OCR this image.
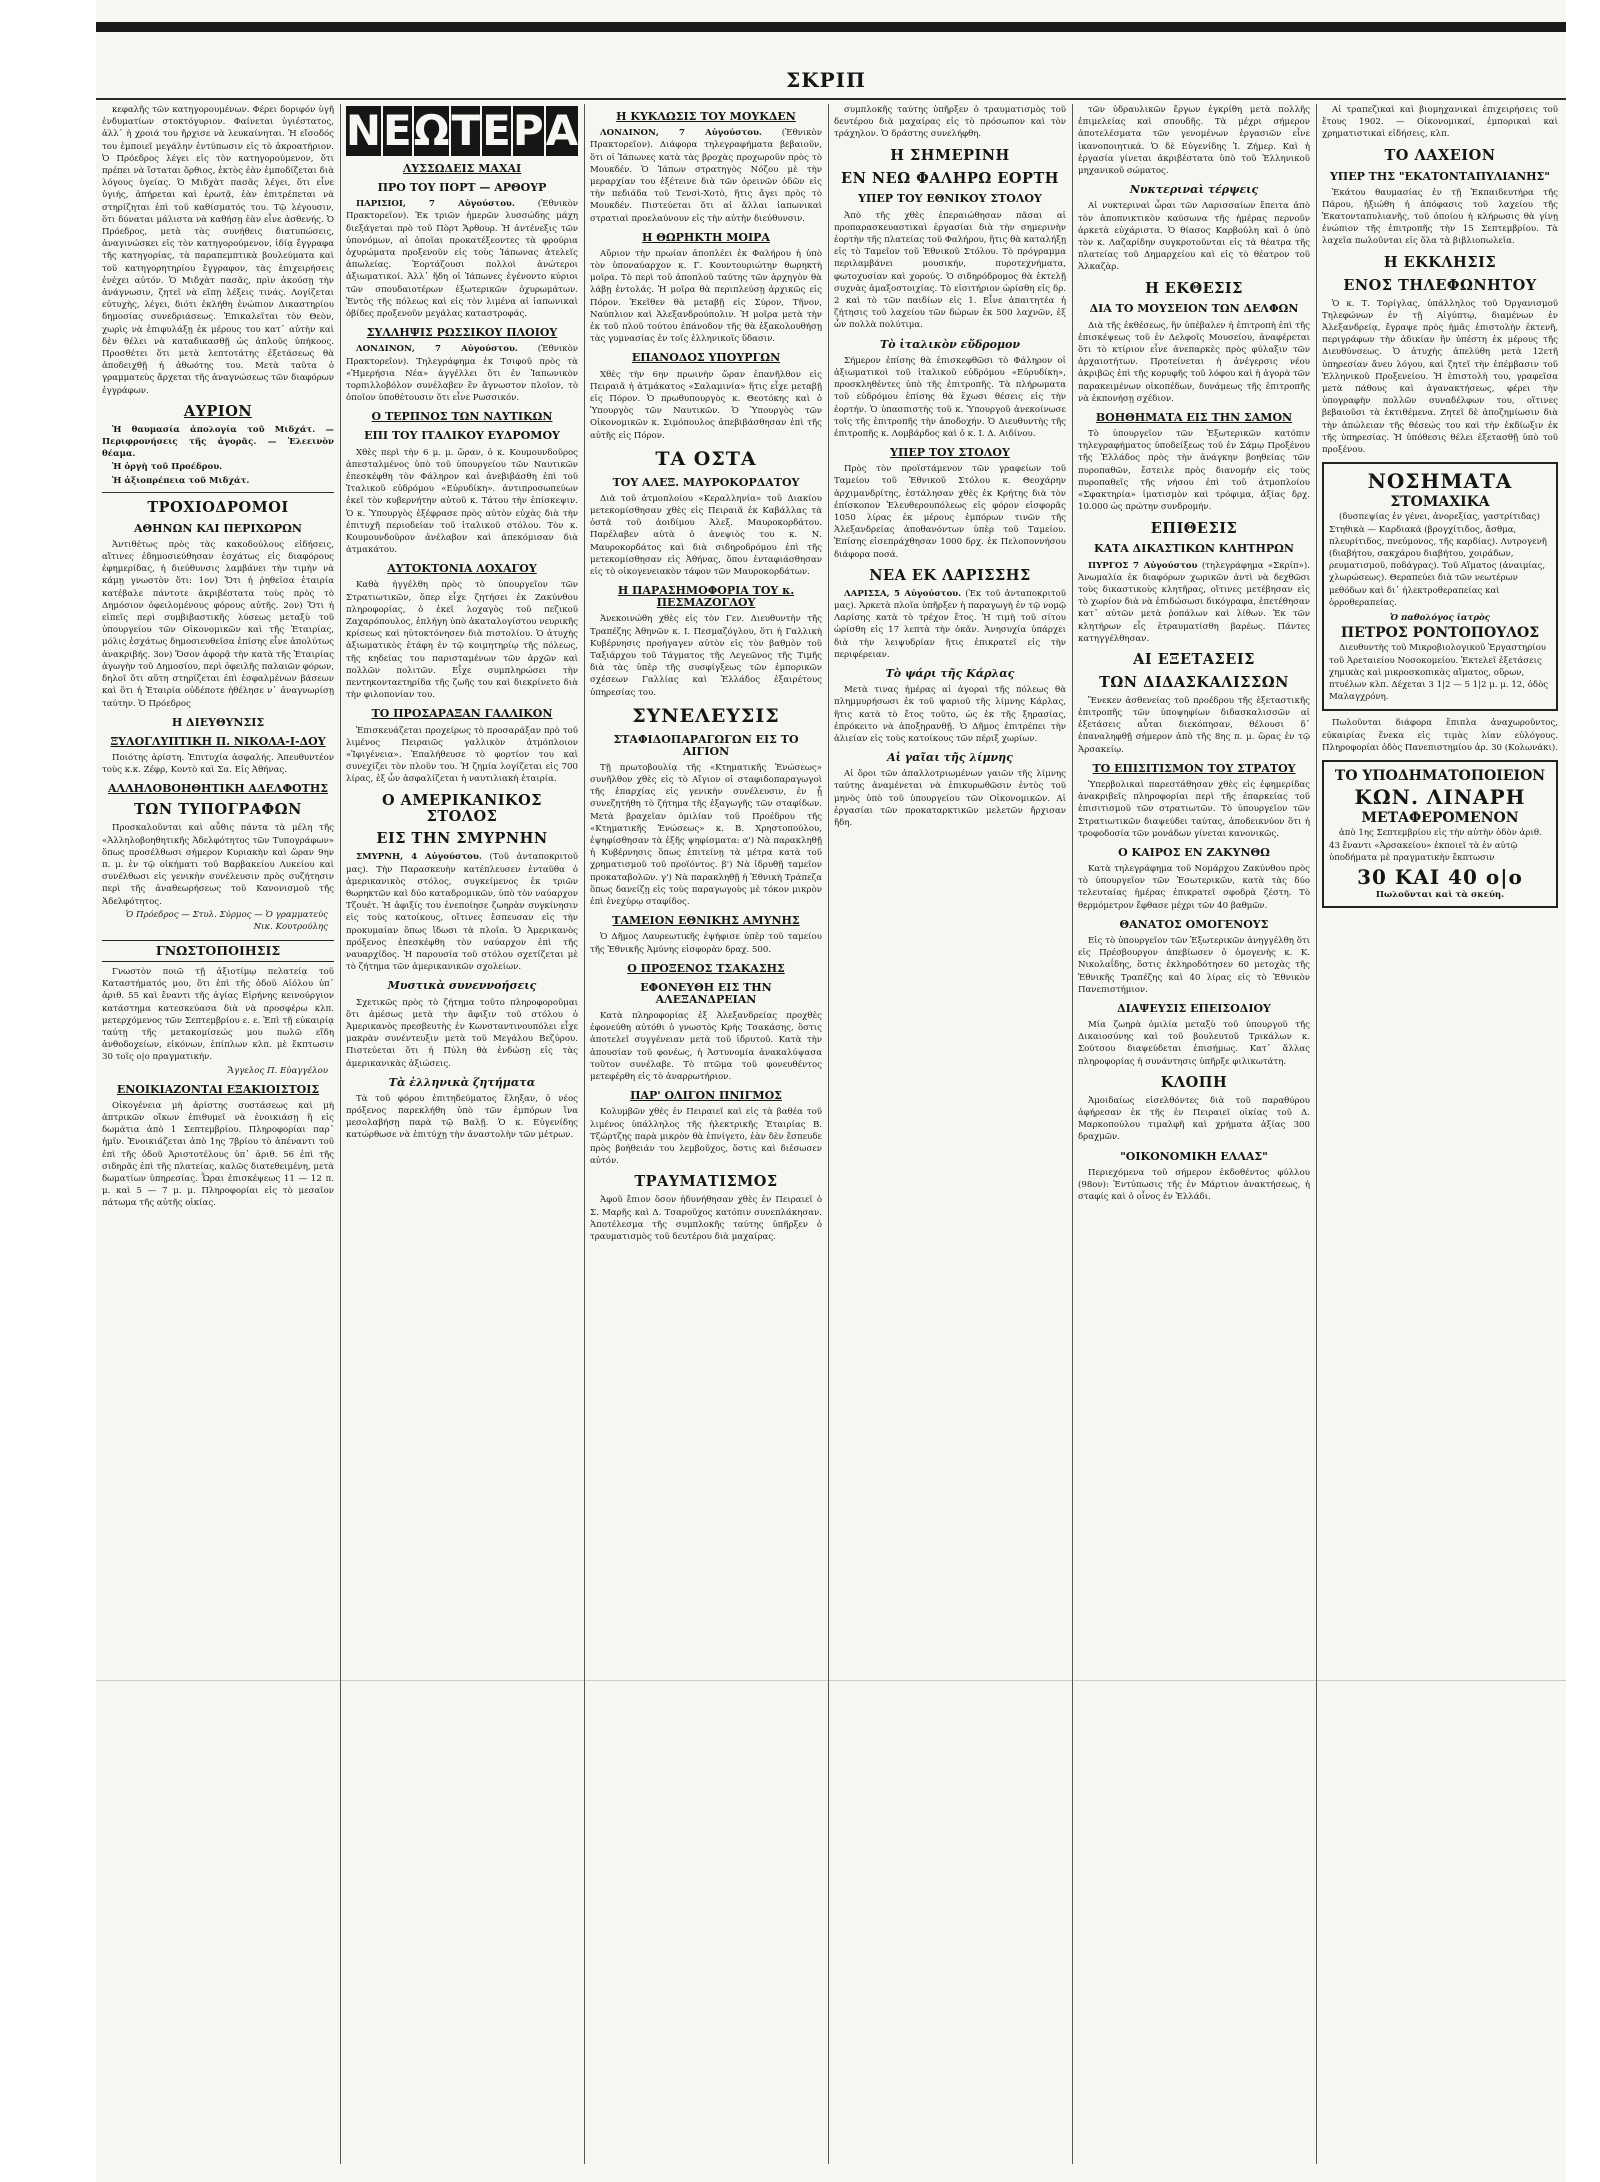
ΣΚΡΙΠ

κεφαλῆς τῶν κατηγορουμένων. Φέρει δοριφόν ὑγῆ ἐνδυματίων στοκτόγυριον. Φαίνεται ὑγιέστατος, ἀλλ᾽ ἡ χροιά του ἤρχισε νὰ λευκαίνηται. Ἡ εἴσοδός του ἐμποιεῖ μεγάλην ἐντύπωσιν εἰς τὸ ἀκροατήριον. Ὁ Πρόεδρος λέγει εἰς τὸν κατηγορούμενον, ὅτι πρέπει νὰ ἵσταται ὄρθιος, ἐκτὸς ἐὰν ἐμποδίζεται διὰ λόγους ὑγείας. Ὁ Μιδχὰτ πασᾶς λέγει, ὅτι εἶνε ὑγιής, ἀπήρεται καὶ ἐρωτᾷ, ἐὰν ἐπιτρέπεται νὰ στηρίζηται ἐπὶ τοῦ καθίσματός του. Τῷ λέγουσιν, ὅτι δύναται μάλιστα νὰ καθήσῃ ἐὰν εἶνε ἀσθενής. Ὁ Πρόεδρος, μετὰ τὰς συνήθεις διατυπώσεις, ἀναγινώσκει εἰς τὸν κατηγορούμενον, ἰδίᾳ ἔγγραφα τῆς κατηγορίας, τὰ παραπεμπτικὰ βουλεύματα καὶ τοῦ κατηγορητηρίου ἔγγραφον, τὰς ἐπιχειρήσεις ἐνέχει αὐτόν. Ὁ Μιδχὰτ πασᾶς, πρὶν ἀκούσῃ τὴν ἀνάγνωσιν, ζητεῖ νὰ εἴπῃ λέξεις τινάς. Λογίζεται εὐτυχὴς, λέγει, διότι ἐκλήθη ἐνώπιον Δικαστηρίου δημοσίας συνεδριάσεως. Ἐπικαλεῖται τὸν Θεὸν, χωρὶς νὰ ἐπιφυλάξῃ ἐκ μέρους του κατ᾽ αὐτὴν καὶ δὲν θέλει νὰ καταδικασθῇ ὡς ἀπλοῦς ὑπήκοος. Προσθέτει ὅτι μετὰ λεπτοτάτης ἐξετάσεως θὰ ἀποδειχθῇ ἡ ἀθωότης του. Μετὰ ταῦτα ὁ γραμματεὺς ἄρχεται τῆς ἀναγνώσεως τῶν διαφόρων ἐγγράφων.

ΑΥΡΙΟΝ

Ἡ θαυμασία ἀπολογία τοῦ Μιδχάτ. — Περιφρονήσεις τῆς ἀγορᾶς. — Ἐλεεινὸν θέαμα.

Ἡ ὀργὴ τοῦ Προέδρου.

Ἡ ἀξιοπρέπεια τοῦ Μιδχάτ.

ΤΡΟΧΙΟΔΡΟΜΟΙ
ΑΘΗΝΩΝ ΚΑΙ ΠΕΡΙΧΩΡΩΝ

Ἀντιθέτως πρὸς τὰς κακοδούλους εἰδήσεις, αἵτινες ἐδημοσιεύθησαν ἐσχάτως εἰς διαφόρους ἐφημερίδας, ἡ διεύθυνσις λαμβάνει τὴν τιμὴν νὰ κάμῃ γνωστὸν ὅτι: 1ον) Ὅτι ἡ ῥηθεῖσα ἑταιρία κατέβαλε πάντοτε ἀκριβέστατα τοὺς πρὸς τὸ Δημόσιον ὀφειλομένους φόρους αὐτῆς. 2ον) Ὅτι ἡ εἰπεῖς περὶ συμβιβαστικῆς λύσεως μεταξὺ τοῦ ὑπουργείου τῶν Οἰκονομικῶν καὶ τῆς Ἑταιρίας, μόλις ἐσχάτως δημοσιευθεῖσα ἐπίσης εἶνε ἀπολύτως ἀνακριβής. 3ον) Ὅσον ἀφορᾷ τὴν κατὰ τῆς Ἑταιρίας ἀγωγὴν τοῦ Δημοσίου, περὶ ὀφειλῆς παλαιῶν φόρων, δηλοῖ ὅτι αὕτη στηρίζεται ἐπὶ ἐσφαλμένων βάσεων καὶ ὅτι ἡ Ἑταιρία οὐδέποτε ἠθέλησε ν᾽ ἀναγνωρίσῃ ταύτην. Ὁ Πρόεδρος

Η ΔΙΕΥΘΥΝΣΙΣ
ΞΥΛΟΓΛΥΠΤΙΚΗ Π. ΝΙΚΟΛΑ-Ι-ΔΟΥ

Ποιότης ἀρίστη. Ἐπιτυχία ἀσφαλής. Ἀπευθυντέον τοὺς κ.κ. Ζέφρ, Κοντὸ καὶ Σα. Εἰς Ἀθήνας.

ΑΛΛΗΛΟΒΟΗΘΗΤΙΚΗ ΑΔΕΛΦΟΤΗΣ
ΤΩΝ ΤΥΠΟΓΡΑΦΩΝ

Προσκαλοῦνται καὶ αὖθις πάντα τὰ μέλη τῆς «Ἀλληλοβοηθητικῆς Ἀδελφότητος τῶν Τυπογράφων» ὅπως προσέλθωσι σήμερον Κυριακὴν καὶ ὥραν 9ην π. μ. ἐν τῷ οἰκήματι τοῦ Βαρβακείου Λυκείου καὶ συνέλθωσι εἰς γενικὴν συνέλευσιν πρὸς συζήτησιν περὶ τῆς ἀναθεωρήσεως τοῦ Κανονισμοῦ τῆς Ἀδελφότητος.

Ὁ Πρόεδρος — Στυλ. Σύρμος — Ὁ γραμματεὺς Νικ. Κουτρούλης

ΓΝΩΣΤΟΠΟΙΗΣΙΣ

Γνωστὸν ποιῶ τῇ ἀξιοτίμῳ πελατείᾳ τοῦ Καταστήματός μου, ὅτι ἐπὶ τῆς ὁδοῦ Αἰόλου ὑπ᾽ ἀριθ. 55 καὶ ἔναντι τῆς ἁγίας Εἰρήνης κεινούργιον κατάστημα κατεσκεύασα διὰ νὰ προσφέρω κλπ. μετερχόμενος τῶν Σεπτεμβρίου ε. ε. Ἐπὶ τῇ εὐκαιρίᾳ ταύτῃ τῆς μετακομίσεώς μου πωλῶ εἴδη ἀνθοδοχείων, εἰκόνων, ἐπίπλων κλπ. μὲ ἔκπτωσιν 30 τοῖς ο|ο πραγματικήν.

Ἄγγελος Π. Εὐαγγέλου

ΕΝΟΙΚΙΑΖΟΝΤΑΙ ΕΞΑΚΙΟΙΣΤΟΙΣ

Οἰκογένεια μὴ ἀρίστης συστάσεως καὶ μὴ ἀπτρικῶν οἴκων ἐπιθυμεῖ νὰ ἐνοικιάσῃ ἢ εἰς δωμάτια ἀπὸ 1 Σεπτεμβρίου. Πληροφορίαι παρ᾽ ἡμῖν. Ἐνοικιάζεται ἀπὸ 1ης 7βρίου τὸ ἀπέναντι τοῦ ἐπὶ τῆς ὁδοῦ Ἀριστοτέλους ὑπ᾽ ἀριθ. 56 ἐπὶ τῆς σιδηρᾶς ἐπὶ τῆς πλατείας, καλῶς διατεθειμένη, μετὰ δωματίων ὑπηρεσίας. Ὧραι ἐπισκέψεως 11 — 12 π. μ. καὶ 5 — 7 μ. μ. Πληροφορίαι εἰς τὸ μεσαῖον πάτωμα τῆς αὐτῆς οἰκίας.

Ν Ε Ω Τ Ε Ρ Α
ΛΥΣΣΩΔΕΙΣ ΜΑΧΑΙ
ΠΡΟ ΤΟΥ ΠΟΡΤ — ΑΡΘΟΥΡ

ΠΑΡΙΣΙΟΙ, 7 Αὐγούστου.	(Ἐθνικὸν Πρακτορεῖον). Ἐκ τριῶν ἡμερῶν λυσσώδης μάχη διεξάγεται πρὸ τοῦ Πὸρτ Ἄρθουρ. Ἡ ἀντένεξις τῶν ὑπονόμων, αἱ ὁποῖαι προκατέξεοντες τὰ φρούρια ὁχυρώματα προξενοῦν εἰς τοὺς Ἰάπωνας ἀτελεῖς ἀπωλείας. Ἑορτάζουσι πολλοὶ ἀνώτεροι ἀξιωματικοί. Ἀλλ᾽ ἤδη οἱ Ἰάπωνες ἐγένοντο κύριοι τῶν σπουδαιοτέρων ἐξωτερικῶν ὀχυρωμάτων. Ἐντὸς τῆς πόλεως καὶ εἰς τὸν λιμένα αἱ ἰαπωνικαὶ ὀβίδες προξενοῦν μεγάλας καταστροφάς.

ΣΥΛΛΗΨΙΣ ΡΩΣΣΙΚΟΥ ΠΛΟΙΟΥ

ΛΟΝΔΙΝΟΝ, 7 Αὐγούστου. (Ἐθνικὸν Πρακτορεῖον). Τηλεγράφημα ἐκ Τσιφοῦ πρὸς τὰ «Ἡμερήσια Νέα» ἀγγέλλει ὅτι ἐν Ἰαπωνικὸν τορπιλλοβόλον συνέλαβεν ἓν ἄγνωστον πλοῖον, τὸ ὁποῖον ὑποθέτουσιν ὅτι εἶνε Ρωσσικόν.

Ο ΤΕΡΠΝΟΣ ΤΩΝ ΝΑΥΤΙΚΩΝ
ΕΠΙ ΤΟΥ ΙΤΑΛΙΚΟΥ ΕΥΔΡΟΜΟΥ

Χθὲς περὶ τὴν 6 μ. μ. ὥραν, ὁ κ. Κουμουνδοῦρος ἀπεσταλμένος ὑπὸ τοῦ ὑπουργείου τῶν Ναυτικῶν ἐπεσκέφθη τὸν Φάληρον καὶ ἀνεβιβάσθη ἐπὶ τοῦ Ἰταλικοῦ εὐδρόμου «Εὐρυδίκη». ἀντιπροσωπεύων ἐκεῖ τὸν κυβερνήτην αὐτοῦ κ. Τάτου τὴν ἐπίσκεψιν. Ὁ κ. Ὑπουργὸς ἐξέφρασε πρὸς αὐτὸν εὐχὰς διὰ τὴν ἐπιτυχῆ περιοδείαν τοῦ ἰταλικοῦ στόλου. Τὸν κ. Κουμουνδοῦρον ἀνέλαβον καὶ ἀπεκόμισαν διὰ ἀτμακάτου.

ΑΥΤΟΚΤΟΝΙΑ ΛΟΧΑΓΟΥ

Καθὰ ἠγγέλθη πρὸς τὸ ὑπουργεῖον τῶν Στρατιωτικῶν, ὅπερ εἶχε ζητήσει ἐκ Ζακύνθου πληροφορίας, ὁ ἐκεῖ λοχαγὸς τοῦ πεζικοῦ Ζαχαρόπουλος, ἐπλήγη ὑπὸ ἀκαταλογίστου νευρικῆς κρίσεως καὶ ηὐτοκτόνησεν διὰ πιστολίου. Ὁ ἀτυχὴς ἀξιωματικὸς ἐτάφη ἐν τῷ κοιμητηρίῳ τῆς πόλεως, τῆς κηδείας του παρισταμένων τῶν ἀρχῶν καὶ πολλῶν πολιτῶν. Εἶχε συμπληρώσει τὴν πεντηκονταετηρίδα τῆς ζωῆς του καὶ διεκρίνετο διὰ τὴν φιλοπονίαν του.

ΤΟ ΠΡΟΣΑΡΑΞΑΝ ΓΑΛΛΙΚΟΝ

Ἐπισκευάζεται προχείρως τὸ προσαράξαν πρὸ τοῦ λιμένος Πειραιῶς γαλλικὸν ἀτμόπλοιον «Ἰφιγένεια». Ἐπαλήθευσε τὸ φορτίον του καὶ συνεχίζει τὸν πλοῦν του. Ἡ ζημία λογίζεται εἰς 700 λίρας, ἐξ ὧν ἀσφαλίζεται ἡ ναυτιλιακὴ ἑταιρία.

Ο ΑΜΕΡΙΚΑΝΙΚΟΣ ΣΤΟΛΟΣ
ΕΙΣ ΤΗΝ ΣΜΥΡΝΗΝ

ΣΜΥΡΝΗ, 4 Αὐγούστου. (Τοῦ ἀνταποκριτοῦ μας). Τὴν Παρασκευὴν κατέπλευσεν ἐνταῦθα ὁ ἀμερικανικὸς στόλος, συγκείμενος ἐκ τριῶν θωρηκτῶν καὶ δύο καταδρομικῶν, ὑπὸ τὸν ναύαρχον Τζουέτ. Ἡ ἀφιξίς του ἐνεποίησε ζωηρὰν συγκίνησιν εἰς τοὺς κατοίκους, οἵτινες ἔσπευσαν εἰς τὴν προκυμαίαν ὅπως ἴδωσι τὰ πλοῖα. Ὁ Ἀμερικανὸς πρόξενος ἐπεσκέφθη τὸν ναύαρχον ἐπὶ τῆς ναυαρχίδος. Ἡ παρουσία τοῦ στόλου σχετίζεται μὲ τὸ ζήτημα τῶν ἀμερικανικῶν σχολείων.

Μυστικὰ συνεννοήσεις

Σχετικῶς πρὸς τὸ ζήτημα τοῦτο πληροφοροῦμαι ὅτι ἀμέσως μετὰ τὴν ἄφιξιν τοῦ στόλου ὁ Ἀμερικανὸς πρεσβευτὴς ἐν Κωνσταντινουπόλει εἶχε μακρὰν συνέντευξιν μετὰ τοῦ Μεγάλου Βεζύρου. Πιστεύεται ὅτι ἡ Πύλη θὰ ἐνδώσῃ εἰς τὰς ἀμερικανικὰς ἀξιώσεις.

Τὰ ἑλληνικὰ ζητήματα

Τὰ τοῦ φόρου ἐπιτηδεύματος ἔληξαν, ὁ νέος πρόξενος παρεκλήθη ὑπὸ τῶν ἐμπόρων ἵνα μεσολαβήσῃ παρὰ τῷ Βαλῇ. Ὁ κ. Εὐγενίδης κατώρθωσε νὰ ἐπιτύχῃ τὴν ἀναστολὴν τῶν μέτρων.

Η ΚΥΚΛΩΣΙΣ ΤΟΥ ΜΟΥΚΔΕΝ

ΛΟΝΔΙΝΟΝ, 7 Αὐγούστου. (Ἐθνικὸν Πρακτορεῖον). Διάφορα τηλεγραφήματα βεβαιοῦν, ὅτι οἱ Ἰάπωνες κατὰ τὰς βροχὰς προχωροῦν πρὸς τὸ Μουκδέν. Ὁ Ἰάπων στρατηγὸς Νόζου μὲ τὴν μεραρχίαν του ἐξέτεινε διὰ τῶν ὀρεινῶν ὁδῶν εἰς τὴν πεδιάδα τοῦ Τενσὶ-Χοτὸ, ἥτις ἄγει πρὸς τὸ Μουκδέν. Πιστεύεται ὅτι αἱ ἄλλαι ἰαπωνικαὶ στρατιαὶ προελαύνουν εἰς τὴν αὐτὴν διεύθυνσιν.

Η ΘΩΡΗΚΤΗ ΜΟΙΡΑ

Αὔριον τὴν πρωίαν ἀποπλέει ἐκ Φαλήρου ἡ ὑπὸ τὸν ὑποναύαρχον κ. Γ. Κουντουριώτην θωρηκτὴ μοῖρα. Τὸ περὶ τοῦ ἀποπλοῦ ταύτης τῶν ἀρχηγὸν θὰ λάβῃ ἐντολάς. Ἡ μοῖρα θὰ περιπλεύσῃ ἀρχικῶς εἰς Πόρον. Ἐκεῖθεν θὰ μεταβῇ εἰς Σύρον, Τῆνον, Ναύπλιον καὶ Ἀλεξανδρούπολιν. Ἡ μοῖρα μετὰ τὴν ἐκ τοῦ πλοῦ τούτου ἐπάνοδον τῆς θὰ ἐξακολουθήσῃ τὰς γυμνασίας ἐν τοῖς ἑλληνικοῖς ὕδασιν.

ΕΠΑΝΟΔΟΣ ΥΠΟΥΡΓΩΝ

Χθὲς τὴν 6ην πρωινὴν ὥραν ἐπανῆλθον εἰς Πειραιᾶ ἡ ἀτμάκατος «Σαλαμινία» ἥτις εἶχε μεταβῇ εἰς Πόρον. Ὁ πρωθυπουργὸς κ. Θεοτόκης καὶ ὁ Ὑπουργὸς τῶν Ναυτικῶν. Ὁ Ὑπουργὸς τῶν Οἰκονομικῶν κ. Σιμόπουλος ἀπεβιβάσθησαν ἐπὶ τῆς αὐτῆς εἰς Πόρον.

ΤΑ ΟΣΤΑ
ΤΟΥ ΑΛΕΞ. ΜΑΥΡΟΚΟΡΔΑΤΟΥ

Διὰ τοῦ ἀτμοπλοίου «Κεραλληνία» τοῦ Διακίου μετεκομίσθησαν χθὲς εἰς Πειραιᾶ ἐκ Καβάλλας τὰ ὀστᾶ τοῦ ἀοιδίμου Ἀλεξ. Μαυροκορδάτου. Παρέλαβεν αὐτὰ ὁ ἀνεψιὸς του κ. Ν. Μαυροκορδάτος καὶ διὰ σιδηροδρόμου ἐπὶ τῆς μετεκομίσθησαν εἰς Ἀθήνας, ὅπου ἐνταφιάσθησαν εἰς τὸ οἰκογενειακὸν τάφον τῶν Μαυροκορδάτων.

Η ΠΑΡΑΣΗΜΟΦΟΡΙΑ ΤΟΥ κ. ΠΕΣΜΑΖΟΓΛΟΥ

Ἀνεκοινώθη χθὲς εἰς τὸν Γεν. Διευθυντὴν τῆς Τραπέζης Ἀθηνῶν κ. Ι. Πεσμαζόγλου, ὅτι ἡ Γαλλικὴ Κυβέρνησις προήγαγεν αὐτὸν εἰς τὸν βαθμὸν τοῦ Ταξιάρχου τοῦ Τάγματος τῆς Λεγεῶνος τῆς Τιμῆς διὰ τὰς ὑπὲρ τῆς συσφίγξεως τῶν ἐμπορικῶν σχέσεων Γαλλίας καὶ Ἑλλάδος ἐξαιρέτους ὑπηρεσίας του.

ΣΥΝΕΛΕΥΣΙΣ
ΣΤΑΦΙΔΟΠΑΡΑΓΩΓΩΝ ΕΙΣ ΤΟ ΑΙΓΙΟΝ

Τῇ πρωτοβουλίᾳ τῆς «Κτηματικῆς Ἑνώσεως» συνῆλθον χθὲς εἰς τὸ Αἴγιον οἱ σταφιδοπαραγωγοὶ τῆς ἐπαρχίας εἰς γενικὴν συνέλευσιν, ἐν ᾗ συνεζητήθη τὸ ζήτημα τῆς ἐξαγωγῆς τῶν σταφίδων. Μετὰ βραχεῖαν ὁμιλίαν τοῦ Προέδρου τῆς «Κτηματικῆς Ἑνώσεως» κ. Β. Χρηστοπούλου, ἐψηφίσθησαν τὰ ἑξῆς ψηφίσματα: α') Νὰ παρακληθῇ ἡ Κυβέρνησις ὅπως ἐπιτείνῃ τὰ μέτρα κατὰ τοῦ χρηματισμοῦ τοῦ προϊόντος. β') Νὰ ἱδρυθῇ ταμεῖον προκαταβολῶν. γ') Νὰ παρακληθῇ ἡ Ἐθνικὴ Τράπεζα ὅπως δανείζῃ εἰς τοὺς παραγωγοὺς μὲ τόκον μικρὸν ἐπὶ ἐνεχύρῳ σταφίδος.

ΤΑΜΕΙΟΝ ΕΘΝΙΚΗΣ ΑΜΥΝΗΣ

Ὁ Δῆμος Λαυρεωτικῆς ἐψήφισε ὑπὲρ τοῦ ταμείου τῆς Ἐθνικῆς Ἀμύνης εἰσφορὰν δραχ. 500.

Ο ΠΡΟΞΕΝΟΣ ΤΣΑΚΑΣΗΣ
ΕΦΟΝΕΥΘΗ ΕΙΣ ΤΗΝ ΑΛΕΞΑΝΔΡΕΙΑΝ

Κατὰ πληροφορίας ἐξ Ἀλεξανδρείας προχθὲς ἐφονεύθη αὐτόθι ὁ γνωστὸς Κρὴς Τσακάσης, ὃστις ἀποτελεῖ συγγένειαν μετὰ τοῦ ἰδρυτοῦ. Κατὰ τὴν ἀπουσίαν τοῦ φονέως, ἡ Ἀστυνομία ἀνακαλύψασα τοῦτον συνέλαβε. Τὸ πτῶμα τοῦ φονευθέντος μετεφέρθη εἰς τὸ ἀναρρωτήριον.

ΠΑΡ' ΟΛΙΓΟΝ ΠΝΙΓΜΟΣ

Κολυμβῶν χθὲς ἐν Πειραιεῖ καὶ εἰς τὰ βαθέα τοῦ λιμένος ὑπάλληλος τῆς ἠλεκτρικῆς Ἑταιρίας Β. Τζώρτζης παρὰ μικρὸν θὰ ἐπνίγετο, ἐὰν δὲν ἔσπευδε πρὸς βοήθειάν του λεμβοῦχος, ὅστις καὶ διέσωσεν αὐτόν.

ΤΡΑΥΜΑΤΙΣΜΟΣ

Ἀφοῦ ἔπιον ὅσον ἠδυνήθησαν χθὲς ἐν Πειραιεῖ ὁ Σ. Μαρῆς καὶ Δ. Τσαροῦχος κατόπιν συνεπλάκησαν. Ἀποτέλεσμα τῆς συμπλοκῆς ταύτης ὑπῆρξεν ὁ τραυματισμὸς τοῦ δευτέρου διὰ μαχαίρας.

συμπλοκῆς ταύτης ὑπῆρξεν ὁ τραυματισμὸς τοῦ δευτέρου διὰ μαχαίρας εἰς τὸ πρόσωπον καὶ τὸν τράχηλον. Ὁ δράστης συνελήφθη.

Η ΣΗΜΕΡΙΝΗ
ΕΝ ΝΕΩ ΦΑΛΗΡΩ ΕΟΡΤΗ
ΥΠΕΡ ΤΟΥ ΕΘΝΙΚΟΥ ΣΤΟΛΟΥ

Ἀπὸ τῆς χθὲς ἐπεραιώθησαν πᾶσαι αἱ προπαρασκευαστικαὶ ἐργασίαι διὰ τὴν σημερινὴν ἑορτὴν τῆς πλατείας τοῦ Φαλήρου, ἥτις θὰ καταλήξῃ εἰς τὸ Ταμεῖον τοῦ Ἐθνικοῦ Στόλου. Τὸ πρόγραμμα περιλαμβάνει μουσικήν, πυροτεχνήματα, φωτοχυσίαν καὶ χορούς. Ὁ σιδηρόδρομος θὰ ἐκτελῇ συχνὰς ἀμαξοστοιχίας. Τὸ εἰσιτήριον ὡρίσθη εἰς δρ. 2 καὶ τὸ τῶν παιδίων εἰς 1. Εἶνε ἀπαιτητέα ἡ ζήτησις τοῦ λαχείου τῶν δώρων ἐκ 500 λαχνῶν, ἐξ ὧν πολλὰ πολύτιμα.

Τὸ ἰταλικὸν εὔδρομον

Σήμερον ἐπίσης θὰ ἐπισκεφθῶσι τὸ Φάληρον οἱ ἀξιωματικοὶ τοῦ ἰταλικοῦ εὐδρόμου «Εὐρυδίκη», προσκληθέντες ὑπὸ τῆς ἐπιτροπῆς. Τὰ πλήρωματα τοῦ εὐδρόμου ἐπίσης θὰ ἔχωσι θέσεις εἰς τὴν ἑορτήν. Ὁ ὑπασπιστὴς τοῦ κ. Ὑπουργοῦ ἀνεκοίνωσε τοῖς τῆς ἐπιτροπῆς τὴν ἀποδοχήν. Ὁ Διευθυντὴς τῆς ἐπιτροπῆς κ. Λομβάρδος καὶ ὁ κ. Ι. Δ. Αιδίνου.

ΥΠΕΡ ΤΟΥ ΣΤΟΛΟΥ

Πρὸς τὸν προϊστάμενον τῶν γραφείων τοῦ Ταμείου τοῦ Ἐθνικοῦ Στόλου κ. Θεοχάρην ἀρχιμανδρίτης, ἐστάλησαν χθὲς ἐκ Κρήτης διὰ τὸν ἐπίσκοπον Ἐλευθερουπόλεως εἰς φόρον εἰσφορᾶς 1050 λίρας ἐκ μέρους ἐμπόρων τινῶν τῆς Ἀλεξανδρείας ἀποθανόντων ὑπὲρ τοῦ Ταμείου. Ἐπίσης εἰσεπράχθησαν 1000 δρχ. ἐκ Πελοποννήσου διάφορα ποσά.

ΝΕΑ ΕΚ ΛΑΡΙΣΣΗΣ

ΛΑΡΙΣΣΑ, 5 Αὐγούστου. (Ἐκ τοῦ ἀνταποκριτοῦ μας). Ἀρκετὰ πλοῖα ὑπῆρξεν ἡ παραγωγὴ ἐν τῷ νομῷ Λαρίσης κατὰ τὸ τρέχον ἔτος. Ἡ τιμὴ τοῦ σίτου ὡρίσθη εἰς 17 λεπτὰ τὴν ὀκᾶν. Ἀνησυχία ὑπάρχει διὰ τὴν λειψυδρίαν ἥτις ἐπικρατεῖ εἰς τὴν περιφέρειαν.

Τὸ ψάρι τῆς Κάρλας

Μετὰ τινας ἡμέρας αἱ ἀγοραὶ τῆς πόλεως θὰ πλημμυρήσωσι ἐκ τοῦ ψαριοῦ τῆς λίμνης Κάρλας, ἥτις κατὰ τὸ ἔτος τοῦτο, ὡς ἐκ τῆς ξηρασίας, ἐπρόκειτο νὰ ἀποξηρανθῇ. Ὁ Δῆμος ἐπιτρέπει τὴν ἀλιείαν εἰς τοὺς κατοίκους τῶν πέριξ χωρίων.

Αἱ γαῖαι τῆς λίμνης

Αἱ ὅροι τῶν ἀπαλλοτριωμένων γαιῶν τῆς λίμνης ταύτης ἀναμένεται νὰ ἐπικυρωθῶσιν ἐντὸς τοῦ μηνὸς ὑπὸ τοῦ ὑπουργείου τῶν Οἰκονομικῶν. Αἱ ἐργασίαι τῶν προκαταρκτικῶν μελετῶν ἤρχισαν ἤδη.

τῶν ὑδραυλικῶν ἔργων ἐγκρίθη μετὰ πολλῆς ἐπιμελείας καὶ σπουδῆς. Τὰ μέχρι σήμερον ἀποτελέσματα τῶν γενομένων ἐργασιῶν εἶνε ἱκανοποιητικά. Ὁ δὲ Εὐγενίδης Ἰ. Ζήμερ. Καὶ ἡ ἐργασία γίνεται ἀκριβέστατα ὑπὸ τοῦ Ἑλληνικοῦ μηχανικοῦ σώματος.

Νυκτεριναὶ τέρψεις

Αἱ νυκτεριναὶ ὧραι τῶν Λαρισσαίων ἔπειτα ἀπὸ τὸν ἀποπνικτικὸν καύσωνα τῆς ἡμέρας περνοῦν ἀρκετὰ εὐχάριστα. Ὁ θίασος Καρβούλη καὶ ὁ ὑπὸ τὸν κ. Λαζαρίδην συγκροτοῦνται εἰς τὰ θέατρα τῆς πλατείας τοῦ Δημαρχείου καὶ εἰς τὸ θέατρον τοῦ Ἀλκαζὰρ.

Η ΕΚΘΕΣΙΣ
ΔΙΑ ΤΟ ΜΟΥΣΕΙΟΝ ΤΩΝ ΔΕΛΦΩΝ

Διὰ τῆς ἐκθέσεως, ἣν ὑπέβαλεν ἡ ἐπιτροπὴ ἐπὶ τῆς ἐπισκέψεως τοῦ ἐν Δελφοῖς Μουσείου, ἀναφέρεται ὅτι τὸ κτίριον εἶνε ἀνεπαρκὲς πρὸς φύλαξιν τῶν ἀρχαιοτήτων. Προτείνεται ἡ ἀνέγερσις νέου ἀκριβῶς ἐπὶ τῆς κορυφῆς τοῦ λόφου καὶ ἡ ἀγορὰ τῶν παρακειμένων οἰκοπέδων, δυνάμεως τῆς ἐπιτροπῆς νὰ ἐκπονήσῃ σχέδιον.

ΒΟΗΘΗΜΑΤΑ ΕΙΣ ΤΗΝ ΣΑΜΟΝ

Τὸ ὑπουργεῖον τῶν Ἐξωτερικῶν κατόπιν τηλεγραφήματος ὑποδείξεως τοῦ ἐν Σάμῳ Προξένου τῆς Ἑλλάδος πρὸς τὴν ἀνάγκην βοηθείας τῶν πυροπαθῶν, ἔστειλε πρὸς διανομὴν εἰς τοὺς πυροπαθεῖς τῆς νήσου ἐπὶ τοῦ ἀτμοπλοίου «Σφακτηρία» ἰματισμὸν καὶ τρόφιμα, ἀξίας δρχ. 10.000 ὡς πρώτην συνδρομήν.

ΕΠΙΘΕΣΙΣ
ΚΑΤΑ ΔΙΚΑΣΤΙΚΩΝ ΚΛΗΤΗΡΩΝ

ΠΥΡΓΟΣ 7 Αὐγούστου (τηλεγράφημα «Σκρίπ»). Ἀνωμαλία ἐκ διαφόρων χωρικῶν ἀντὶ νὰ δεχθῶσι τοὺς δικαστικοὺς κλητῆρας, οἵτινες μετέβησαν εἰς τὸ χωρίον διὰ νὰ ἐπιδώσωσι δικόγραφα, ἐπετέθησαν κατ᾽ αὐτῶν μετὰ ῥοπάλων καὶ λίθων. Ἐκ τῶν κλητήρων εἷς ἐτραυματίσθη βαρέως. Πάντες κατηγγέλθησαν.

ΑΙ ΕΞΕΤΑΣΕΙΣ
ΤΩΝ ΔΙΔΑΣΚΑΛΙΣΣΩΝ

Ἕνεκεν ἀσθενείας τοῦ προέδρου τῆς ἐξεταστικῆς ἐπιτροπῆς τῶν ὑποψηφίων διδασκαλισσῶν αἱ ἐξετάσεις αὗται διεκόπησαν, θέλουσι δ᾽ ἐπαναληφθῇ σήμερον ἀπὸ τῆς 8ης π. μ. ὥρας ἐν τῷ Ἀρσακείῳ.

ΤΟ ΕΠΙΣΙΤΙΣΜΟΝ ΤΟΥ ΣΤΡΑΤΟΥ

Ὑπερβολικαὶ παρεστάθησαν χθὲς εἰς ἐφημερίδας ἀνακριβεῖς πληροφορίαι περὶ τῆς ἐπαρκείας τοῦ ἐπισιτισμοῦ τῶν στρατιωτῶν. Τὸ ὑπουργεῖον τῶν Στρατιωτικῶν διαψεύδει ταύτας, ἀποδεικνύον ὅτι ἡ τροφοδοσία τῶν μονάδων γίνεται κανονικῶς.

Ο ΚΑΙΡΟΣ ΕΝ ΖΑΚΥΝΘΩ

Κατὰ τηλεγράφημα τοῦ Νομάρχου Ζακύνθου πρὸς τὸ ὑπουργεῖον τῶν Ἐσωτερικῶν, κατὰ τὰς δύο τελευταίας ἡμέρας ἐπικρατεῖ σφοδρὰ ζέστη. Τὸ θερμόμετρον ἔφθασε μέχρι τῶν 40 βαθμῶν.

ΘΑΝΑΤΟΣ ΟΜΟΓΕΝΟΥΣ

Εἰς τὸ ὑπουργεῖον τῶν Ἐξωτερικῶν ἀνηγγέλθη ὅτι εἰς Πρέσβουργον ἀπεβίωσεν ὁ ὁμογενὴς κ. Κ. Νικολαΐδης, ὅστις ἐκληροδότησεν 60 μετοχὰς τῆς Ἐθνικῆς Τραπέζης καὶ 40 λίρας εἰς τὸ Ἐθνικὸν Πανεπιστήμιον.

ΔΙΑΨΕΥΣΙΣ ΕΠΕΙΣΟΔΙΟΥ

Μία ζωηρὰ ὁμιλία μεταξὺ τοῦ ὑπουργοῦ τῆς Δικαιοσύνης καὶ τοῦ βουλευτοῦ Τρικάλων κ. Σούτσου διαψεύδεται ἐπισήμως. Κατ᾽ ἄλλας πληροφορίας ἡ συνάντησις ὑπῆρξε φιλικωτάτη.

ΚΛΟΠΗ

Ἀμοιδαίως εἰσελθόντες διὰ τοῦ παραθύρου ἀφήρεσαν ἐκ τῆς ἐν Πειραιεῖ οἰκίας τοῦ Δ. Μαρκοπούλου τιμαλφῆ καὶ χρήματα ἀξίας 300 δραχμῶν.

"ΟΙΚΟΝΟΜΙΚΗ ΕΛΛΑΣ"

Περιεχόμενα τοῦ σήμερον ἐκδοθέντος φύλλου (98ον): Ἐντύπωσις τῆς ἐν Μάρτιον ἀνακτήσεως, ἡ σταφίς καὶ ὁ οἶνος ἐν Ἑλλάδι.

Αἱ τραπεζικαὶ καὶ βιομηχανικαὶ ἐπιχειρήσεις τοῦ ἔτους 1902. — Οἰκονομικαί, ἐμπορικαὶ καὶ χρηματιστικαὶ εἰδήσεις, κλπ.

ΤΟ ΛΑΧΕΙΟΝ
ΥΠΕΡ ΤΗΣ "ΕΚΑΤΟΝΤΑΠΥΛΙΑΝΗΣ"

Ἐκάτου θαυμασίας ἐν τῇ Ἐκπαιδευτήρα τῆς Πάρου, ἠξιώθη ἡ ἀπόφασις τοῦ λαχείου τῆς Ἐκατονταπυλιανῆς, τοῦ ὁποίου ἡ κλήρωσις θὰ γίνῃ ἐνώπιον τῆς ἐπιτροπῆς τὴν 15 Σεπτεμβρίου. Τὰ λαχεῖα πωλοῦνται εἰς ὅλα τὰ βιβλιοπωλεῖα.

Η ΕΚΚΛΗΣΙΣ
ΕΝΟΣ ΤΗΛΕΦΩΝΗΤΟΥ

Ὁ κ. Τ. Τορίγλας, ὑπάλληλος τοῦ Ὀργανισμοῦ Τηλεφώνων ἐν τῇ Αἰγύπτῳ, διαμένων ἐν Ἀλεξανδρείᾳ, ἔγραψε πρὸς ἡμᾶς ἐπιστολὴν ἐκτενῆ, περιγράφων τὴν ἀδικίαν ἣν ὑπέστη ἐκ μέρους τῆς Διευθύνσεως. Ὁ ἀτυχὴς ἀπελύθη μετὰ 12ετῆ ὑπηρεσίαν ἄνευ λόγου, καὶ ζητεῖ τὴν ἐπέμβασιν τοῦ Ἑλληνικοῦ Προξενείου. Ἡ ἐπιστολὴ του, γραφεῖσα μετὰ πάθους καὶ ἀγανακτήσεως, φέρει τὴν ὑπογραφὴν πολλῶν συναδέλφων του, οἵτινες βεβαιοῦσι τὰ ἐκτιθέμενα. Ζητεῖ δὲ ἀποζημίωσιν διὰ τὴν ἀπώλειαν τῆς θέσεώς του καὶ τὴν ἐκδίωξιν ἐκ τῆς ὑπηρεσίας. Ἡ ὑπόθεσις θέλει ἐξετασθῇ ὑπὸ τοῦ προξένου.

ΝΟΣΗΜΑΤΑ
ΣΤΟΜΑΧΙΚΑ

(δυσπεψίας ἐν γένει, ἀνορεξίας, γαστρίτιδας) Στηθικὰ — Καρδιακά (βρογχίτιδος, ἄσθμα, πλευρίτιδος, πνεύμονος, τῆς καρδίας). Λυτρογενῆ (διαβήτου, σακχάρου διαβήτου, χοιράδων, ρευματισμοῦ, ποδάγρας). Τοῦ Αἵματος (ἀναιμίας, χλωρώσεως). Θεραπεύει διὰ τῶν νεωτέρων μεθόδων καὶ δι᾽ ἠλεκτροθεραπείας καὶ ὁρροθεραπείας.

Ὁ παθολόγος ἰατρὸς
ΠΕΤΡΟΣ ΡΟΝΤΟΠΟΥΛΟΣ

Διευθυντὴς τοῦ Μικροβιολογικοῦ Ἐργαστηρίου τοῦ Ἀρεταιείου Νοσοκομείου. Ἐκτελεῖ ἐξετάσεις χημικὰς καὶ μικροσκοπικὰς αἵματος, οὔρων, πτυέλων κλπ. Δέχεται 3 1|2 — 5 1|2 μ. μ. 12, ὁδὸς Μαλαγχρόνη.

Πωλοῦνται διάφορα ἔπιπλα ἀναχωροῦντος, εὐκαιρίας ἕνεκα εἰς τιμὰς λίαν εὐλόγους. Πληροφορίαι ὁδὸς Πανεπιστημίου ἀρ. 30 (Κολωνάκι).

ΤΟ ΥΠΟΔΗΜΑΤΟΠΟΙΕΙΟΝ
ΚΩΝ. ΛΙΝΑΡΗ
ΜΕΤΑΦΕΡΟΜΕΝΟΝ

ἀπὸ 1ης Σεπτεμβρίου εἰς τὴν αὐτὴν ὁδὸν ἀριθ. 43 ἔναντι «Ἀρσακείου» ἐκποιεῖ τὰ ἐν αὐτῷ ὑποδήματα μὲ πραγματικὴν ἔκπτωσιν

30 ΚΑΙ 40 ο|ο
Πωλοῦνται καὶ τὰ σκεύη.
